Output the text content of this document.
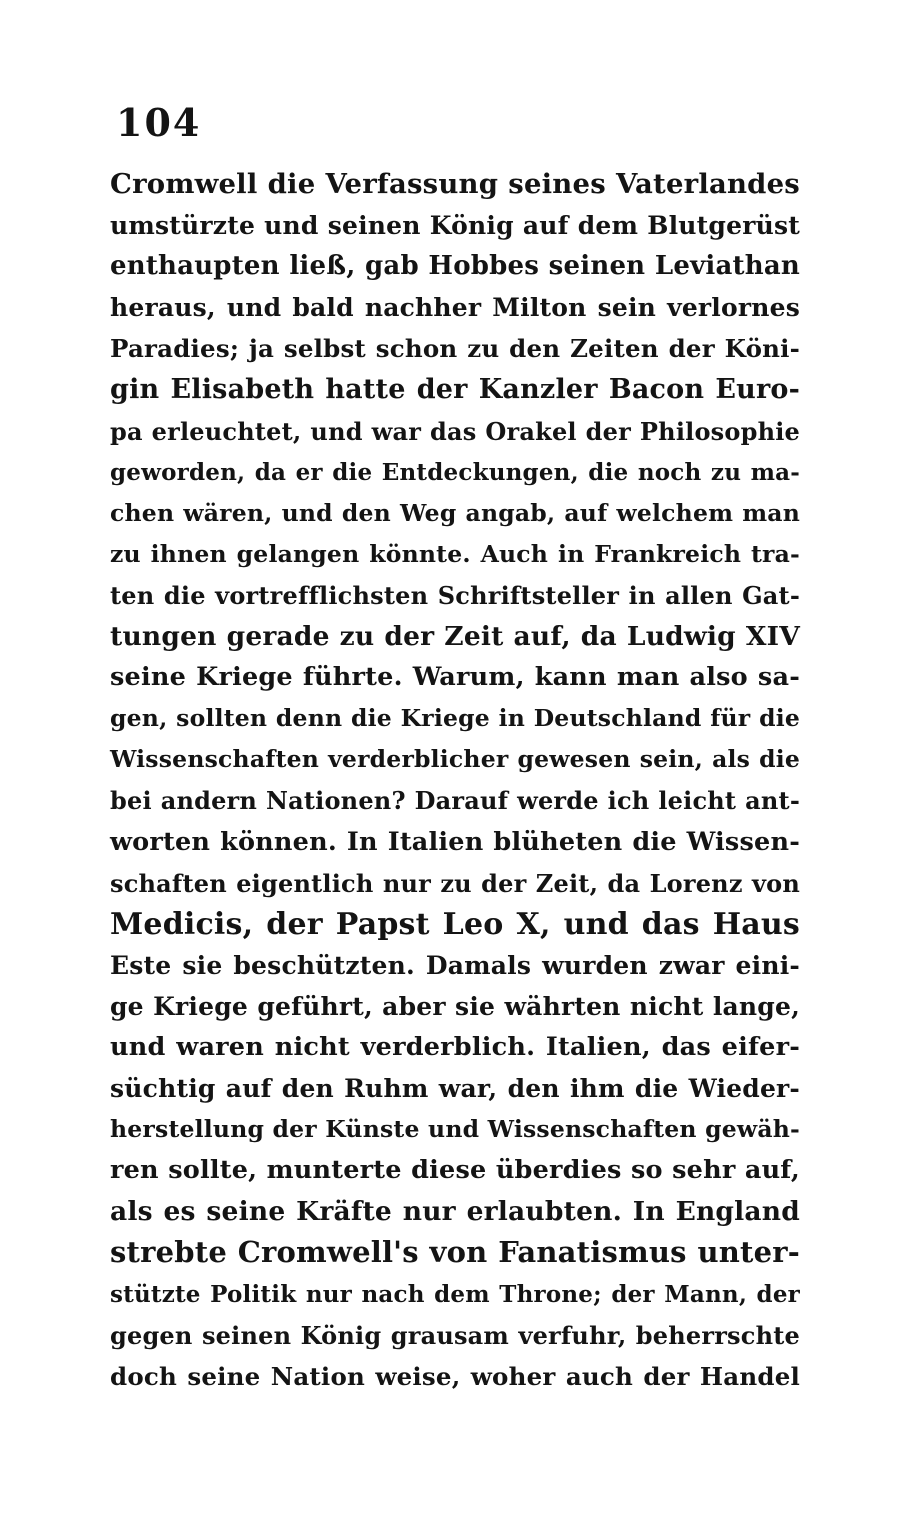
104
Cromwell die Verfassung seines Vaterlandes
umstürzte und seinen König auf dem Blutgerüst
enthaupten ließ, gab Hobbes seinen Leviathan
heraus, und bald nachher Milton sein verlornes
Paradies; ja selbst schon zu den Zeiten der Köni-
gin Elisabeth hatte der Kanzler Bacon Euro-
pa erleuchtet, und war das Orakel der Philosophie
geworden, da er die Entdeckungen, die noch zu ma-
chen wären, und den Weg angab, auf welchem man
zu ihnen gelangen könnte. Auch in Frankreich tra-
ten die vortrefflichsten Schriftsteller in allen Gat-
tungen gerade zu der Zeit auf, da Ludwig XIV
seine Kriege führte. Warum, kann man also sa-
gen, sollten denn die Kriege in Deutschland für die
Wissenschaften verderblicher gewesen sein, als die
bei andern Nationen? Darauf werde ich leicht ant-
worten können. In Italien blüheten die Wissen-
schaften eigentlich nur zu der Zeit, da Lorenz von
Medicis, der Papst Leo X, und das Haus
Este sie beschützten. Damals wurden zwar eini-
ge Kriege geführt, aber sie währten nicht lange,
und waren nicht verderblich. Italien, das eifer-
süchtig auf den Ruhm war, den ihm die Wieder-
herstellung der Künste und Wissenschaften gewäh-
ren sollte, munterte diese überdies so sehr auf,
als es seine Kräfte nur erlaubten. In England
strebte Cromwell's von Fanatismus unter-
stützte Politik nur nach dem Throne; der Mann, der
gegen seinen König grausam verfuhr, beherrschte
doch seine Nation weise, woher auch der Handel
